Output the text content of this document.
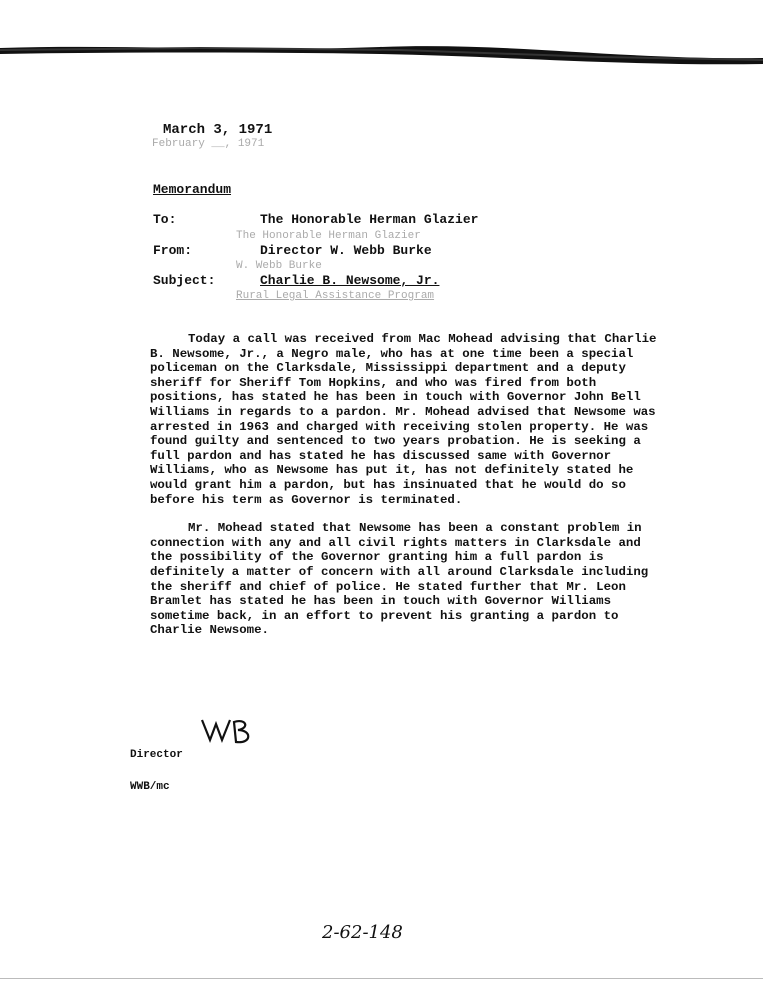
February __, 1971
March 3, 1971
Memorandum
To:	The Honorable Herman Glazier
The Honorable Herman Glazier
From:	Director W. Webb Burke
W. Webb Burke
Subject:	Charlie B. Newsome, Jr.
Rural Legal Assistance Program

Today a call was received from Mac Mohead advising that Charlie B. Newsome, Jr., a Negro male, who has at one time been a special policeman on the Clarksdale, Mississippi department and a deputy sheriff for Sheriff Tom Hopkins, and who was fired from both positions, has stated he has been in touch with Governor John Bell Williams in regards to a pardon. Mr. Mohead advised that Newsome was arrested in 1963 and charged with receiving stolen property. He was found guilty and sentenced to two years probation. He is seeking a full pardon and has stated he has discussed same with Governor Williams, who as Newsome has put it, has not definitely stated he would grant him a pardon, but has insinuated that he would do so before his term as Governor is terminated.

Mr. Mohead stated that Newsome has been a constant problem in connection with any and all civil rights matters in Clarksdale and the possibility of the Governor granting him a full pardon is definitely a matter of concern with all around Clarksdale including the sheriff and chief of police. He stated further that Mr. Leon Bramlet has stated he has been in touch with Governor Williams sometime back, in an effort to prevent his granting a pardon to Charlie Newsome.

Director
WWB/mc
2-62-148
